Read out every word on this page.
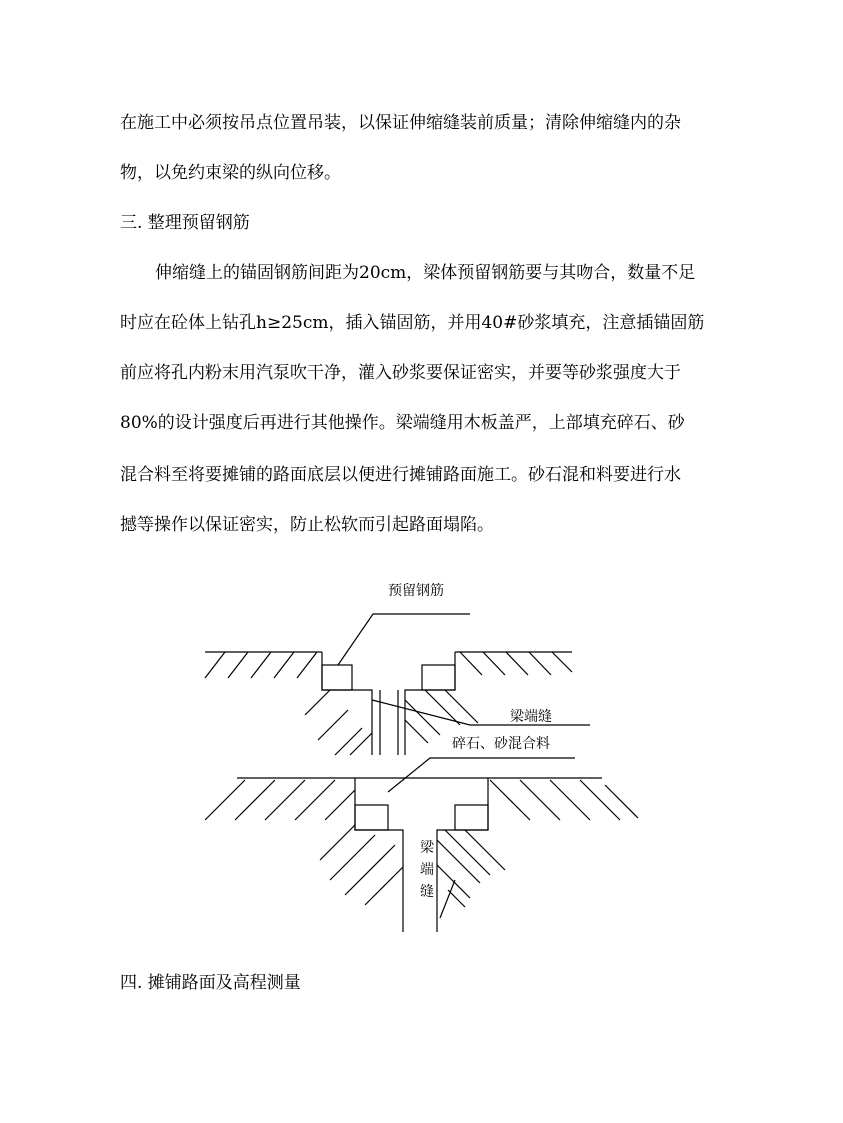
在施工中必须按吊点位置吊装，以保证伸缩缝装前质量；清除伸缩缝内的杂
物，以免约束梁的纵向位移。
三. 整理预留钢筋
伸缩缝上的锚固钢筋间距为20cm，梁体预留钢筋要与其吻合，数量不足
时应在砼体上钻孔h≥25cm，插入锚固筋，并用40#砂浆填充，注意插锚固筋
前应将孔内粉末用汽泵吹干净，灌入砂浆要保证密实，并要等砂浆强度大于
80%的设计强度后再进行其他操作。梁端缝用木板盖严，上部填充碎石、砂
混合料至将要摊铺的路面底层以便进行摊铺路面施工。砂石混和料要进行水
撼等操作以保证密实，防止松软而引起路面塌陷。
预留钢筋
梁端缝
碎石、砂混合料
梁
端
缝
四. 摊铺路面及高程测量
